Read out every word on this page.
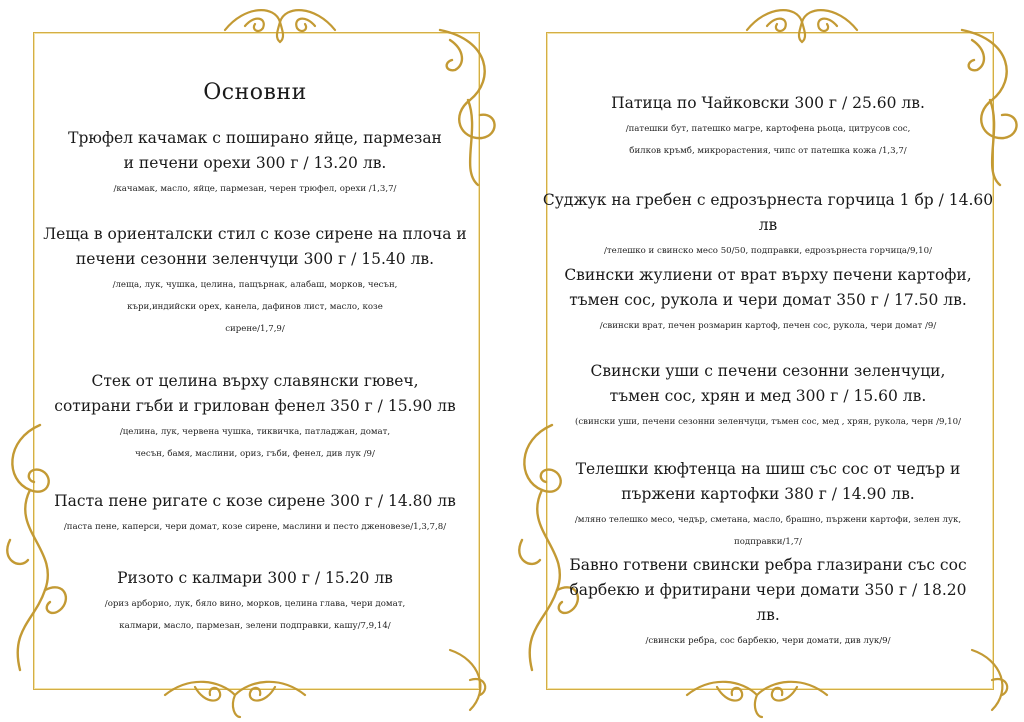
Основни
Трюфел качамак с поширано яйце, пармезан
и печени орехи 300 г / 13.20 лв.
/качамак, масло, яйце, пармезан, черен трюфел, орехи /1,3,7/
Леща в ориенталски стил с козе сирене на плоча и
печени сезонни зеленчуци 300 г / 15.40 лв.
/леща, лук, чушка, целина, пащърнак, алабаш, морков, чесън,
къри,индийски орех, канела, дафинов лист, масло, козе
сирене/1,7,9/
Стек от целина върху славянски гювеч,
сотирани гъби и гриловaн фенел 350 г / 15.90 лв
/целина, лук, червена чушка, тиквичка, патладжан, домат,
чесън, бамя, маслини, ориз, гъби, фенел, див лук /9/
Паста пене ригате с козе сирене 300 г / 14.80 лв
/паста пене, каперси, чери домат, козе сирене, маслини и песто дженовезе/1,3,7,8/
Ризото с калмари 300 г / 15.20 лв
/ориз арборио, лук, бяло вино, морков, целина глава, чери домат,
калмари, масло, пармезан, зелени подправки, кашу/7,9,14/
Патица по Чайковски 300 г / 25.60 лв.
/патешки бут, патешко магре, картофена рьоца, цитрусов сос,
билков кръмб, микрорастения, чипс от патешка кожа /1,3,7/
Суджук на гребен с едрозърнеста горчица 1 бр / 14.60 лв
/телешко и свинско месо 50/50, подправки, едрозърнеста горчица/9,10/
Свински жулиени от врат върху печени картофи,
тъмен сос, рукола и чери домат 350 г / 17.50 лв.
/свински врат, печен розмарин картоф, печен сос, рукола, чери домат /9/
Свински уши с печени сезонни зеленчуци,
тъмен сос, хрян и мед 300 г / 15.60 лв.
(свински уши, печени сезонни зеленчуци, тъмен сос, мед , хрян, рукола, черн /9,10/
Телешки кюфтенца на шиш със сос от чедър и
пържени картофки 380 г / 14.90 лв.
/мляно телешко месо, чедър, сметана, масло, брашно, пържени картофи, зелен лук, подправки/1,7/
Бавно готвени свински ребра глазирани със сос
барбекю и фритирани чери домати 350 г / 18.20
лв.
/свински ребра, сос барбекю, чери домати, див лук/9/
